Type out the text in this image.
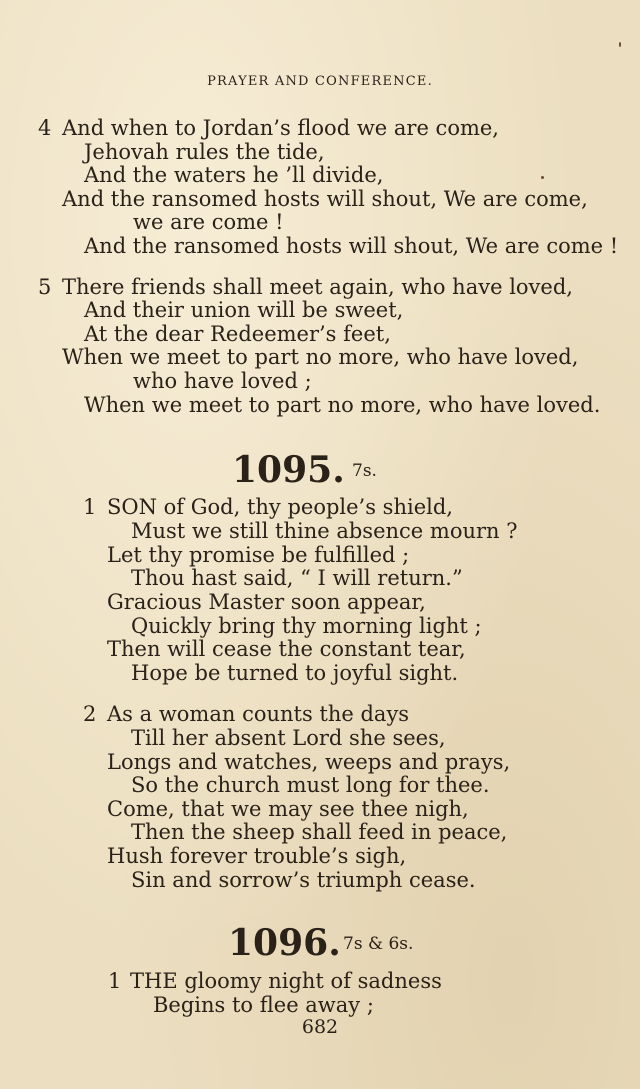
PRAYER AND CONFERENCE.
4 And when to Jordan’s flood we are come,
Jehovah rules the tide,
And the waters he ’ll divide,
And the ransomed hosts will shout, We are come,
we are come !
And the ransomed hosts will shout, We are come !
5 There friends shall meet again, who have loved,
And their union will be sweet,
At the dear Redeemer’s feet,
When we meet to part no more, who have loved,
who have loved ;
When we meet to part no more, who have loved.
1095. 7s.
1 SON of God, thy people’s shield,
Must we still thine absence mourn ?
Let thy promise be fulfilled ;
Thou hast said, “ I will return.”
Gracious Master soon appear,
Quickly bring thy morning light ;
Then will cease the constant tear,
Hope be turned to joyful sight.
2 As a woman counts the days
Till her absent Lord she sees,
Longs and watches, weeps and prays,
So the church must long for thee.
Come, that we may see thee nigh,
Then the sheep shall feed in peace,
Hush forever trouble’s sigh,
Sin and sorrow’s triumph cease.
1096. 7s & 6s.
1 THE gloomy night of sadness
Begins to flee away ;
682
